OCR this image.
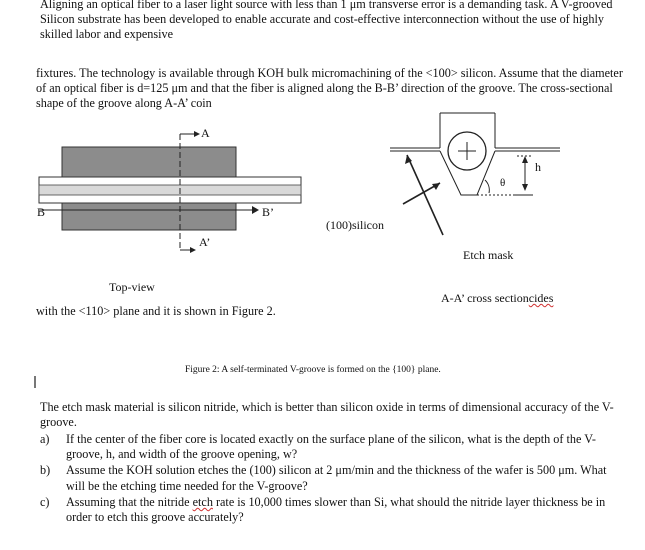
Aligning an optical fiber to a laser light source with less than 1 μm transverse error is a demanding task. A V-grooved Silicon substrate has been developed to enable accurate and cost-effective interconnection without the use of highly skilled labor and expensive

fixtures. The technology is available through KOH bulk micromachining of the <100> silicon. Assume that the diameter of an optical fiber is d=125 μm and that the fiber is aligned along the B-B’ direction of the groove. The cross-sectional shape of the groove along A-A’ coin

A
A’
B	B’
Top-view
(100)silicon
Etch mask
h
θ
A-A’ cross sectioncides

with the <110> plane and it is shown in Figure 2.

Figure 2: A self-terminated V-groove is formed on the {100} plane.

The etch mask material is silicon nitride, which is better than silicon oxide in terms of dimensional accuracy of the V-groove.

a) If the center of the fiber core is located exactly on the surface plane of the silicon, what is the depth of the V-groove, h, and width of the groove opening, w?
b) Assume the KOH solution etches the (100) silicon at 2 μm/min and the thickness of the wafer is 500 μm. What will be the etching time needed for the V-groove?
c) Assuming that the nitride etch rate is 10,000 times slower than Si, what should the nitride layer thickness be in order to etch this groove accurately?
